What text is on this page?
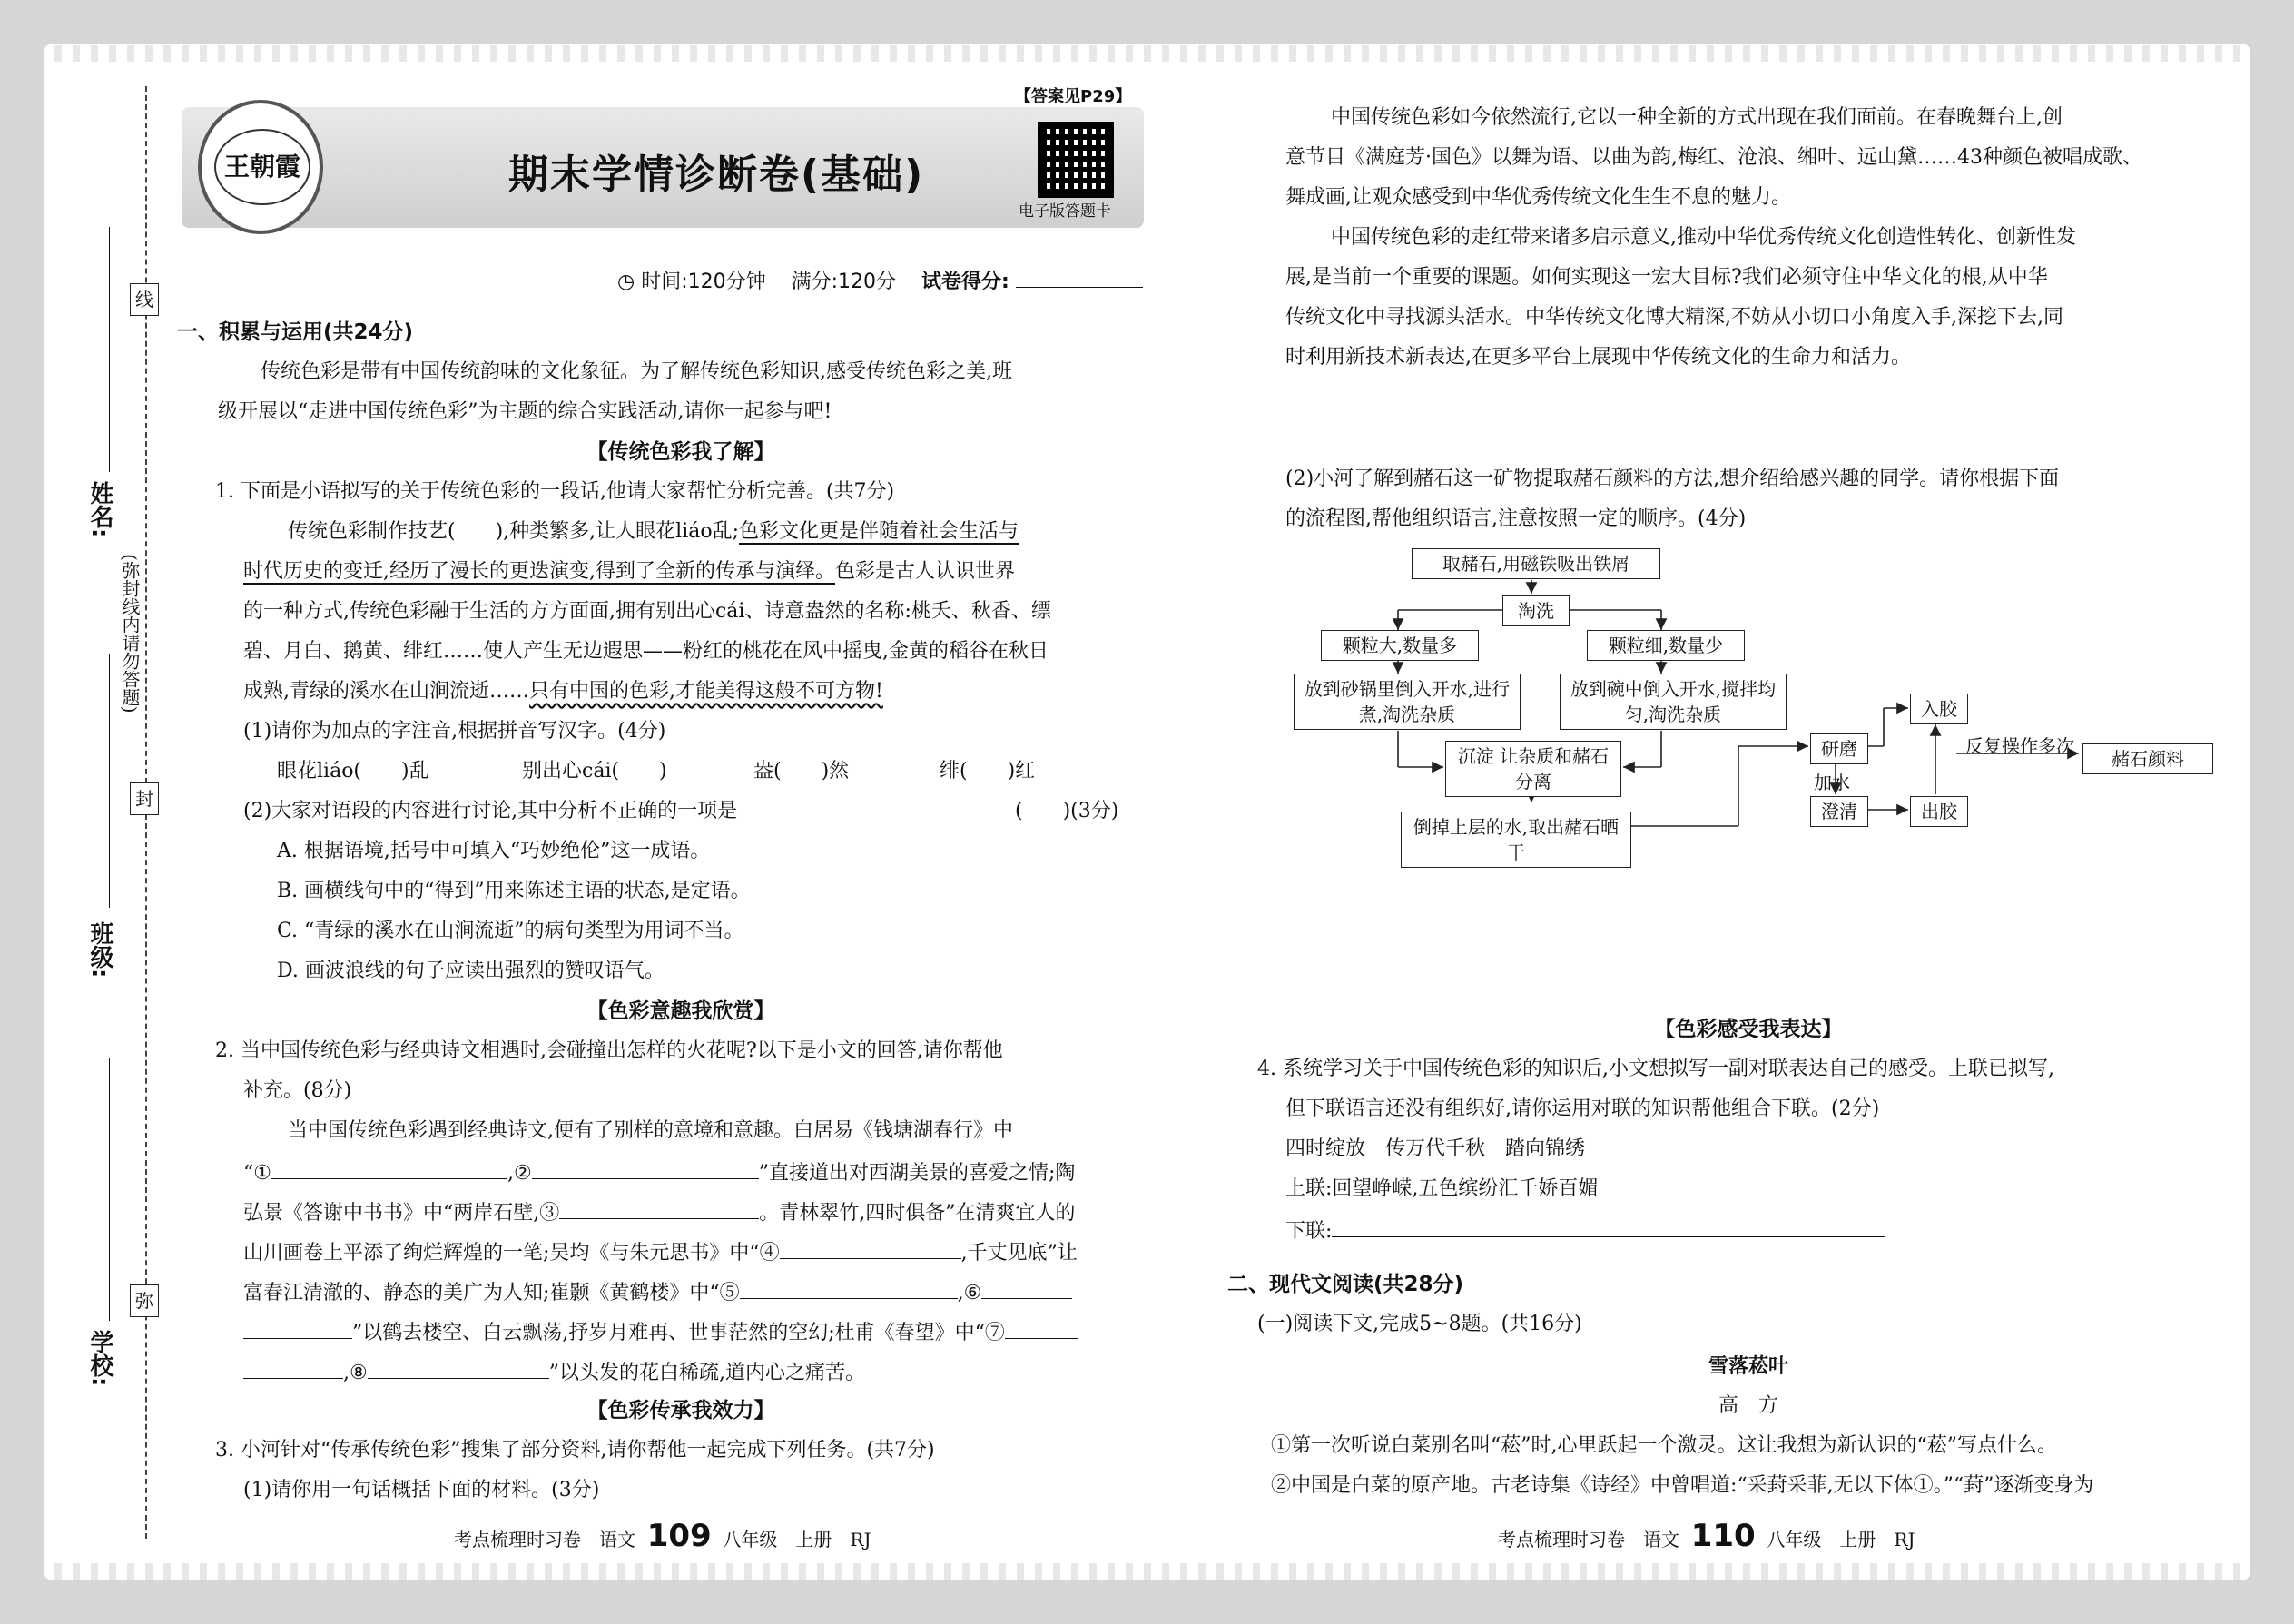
姓名:
班级:
学校:
线
封
弥
(弥封线内请勿答题)
王朝霞
【答案见P29】
期末学情诊断卷(基础)
电子版答题卡
◷ 时间:120分钟 满分:120分 试卷得分:
一、积累与运用(共24分)
传统色彩是带有中国传统韵味的文化象征。为了解传统色彩知识,感受传统色彩之美,班
级开展以“走进中国传统色彩”为主题的综合实践活动,请你一起参与吧!
【传统色彩我了解】
1. 下面是小语拟写的关于传统色彩的一段话,他请大家帮忙分析完善。(共7分)
传统色彩制作技艺(　　),种类繁多,让人眼花liáo乱;色彩文化更是伴随着社会生活与
时代历史的变迁,经历了漫长的更迭演变,得到了全新的传承与演绎。色彩是古人认识世界
的一种方式,传统色彩融于生活的方方面面,拥有别出心cái、诗意盎然的名称:桃夭、秋香、缥
碧、月白、鹅黄、绯红……使人产生无边遐思——粉红的桃花在风中摇曳,金黄的稻谷在秋日
成熟,青绿的溪水在山涧流逝……只有中国的色彩,才能美得这般不可方物!
(1)请你为加点的字注音,根据拼音写汉字。(4分)
眼花liáo(　　)乱	别出心cái(　　)	盎(　　)然	绯(　　)红
(2)大家对语段的内容进行讨论,其中分析不正确的一项是	(　　)(3分)
A. 根据语境,括号中可填入“巧妙绝伦”这一成语。
B. 画横线句中的“得到”用来陈述主语的状态,是定语。
C. “青绿的溪水在山涧流逝”的病句类型为用词不当。
D. 画波浪线的句子应读出强烈的赞叹语气。
【色彩意趣我欣赏】
2. 当中国传统色彩与经典诗文相遇时,会碰撞出怎样的火花呢?以下是小文的回答,请你帮他
补充。(8分)
当中国传统色彩遇到经典诗文,便有了别样的意境和意趣。白居易《钱塘湖春行》中
“①	,②	”直接道出对西湖美景的喜爱之情;陶
弘景《答谢中书书》中“两岸石壁,③	。青林翠竹,四时俱备”在清爽宜人的
山川画卷上平添了绚烂辉煌的一笔;吴均《与朱元思书》中“④	,千丈见底”让
富春江清澈的、静态的美广为人知;崔颢《黄鹤楼》中“⑤	,⑥
”以鹤去楼空、白云飘荡,抒岁月难再、世事茫然的空幻;杜甫《春望》中“⑦
,⑧	”以头发的花白稀疏,道内心之痛苦。
【色彩传承我效力】
3. 小河针对“传承传统色彩”搜集了部分资料,请你帮他一起完成下列任务。(共7分)
(1)请你用一句话概括下面的材料。(3分)
考点梳理时习卷　语文 109 八年级　上册　RJ
中国传统色彩如今依然流行,它以一种全新的方式出现在我们面前。在春晚舞台上,创
意节目《满庭芳·国色》以舞为语、以曲为韵,梅红、沧浪、缃叶、远山黛……43种颜色被唱成歌、
舞成画,让观众感受到中华优秀传统文化生生不息的魅力。
中国传统色彩的走红带来诸多启示意义,推动中华优秀传统文化创造性转化、创新性发
展,是当前一个重要的课题。如何实现这一宏大目标?我们必须守住中华文化的根,从中华
传统文化中寻找源头活水。中华传统文化博大精深,不妨从小切口小角度入手,深挖下去,同
时利用新技术新表达,在更多平台上展现中华传统文化的生命力和活力。
(2)小河了解到赭石这一矿物提取赭石颜料的方法,想介绍给感兴趣的同学。请你根据下面
的流程图,帮他组织语言,注意按照一定的顺序。(4分)
取赭石,用磁铁吸出铁屑
淘洗
颗粒大,数量多	颗粒细,数量少
放到砂锅里倒入开水,进行煮,淘洗杂质
放到碗中倒入开水,搅拌均匀,淘洗杂质
沉淀 让杂质和赭石分离
倒掉上层的水,取出赭石晒干
研磨
加水
澄清
入胶
出胶
反复操作多次
赭石颜料
【色彩感受我表达】
4. 系统学习关于中国传统色彩的知识后,小文想拟写一副对联表达自己的感受。上联已拟写,
但下联语言还没有组织好,请你运用对联的知识帮他组合下联。(2分)
四时绽放　传万代千秋　踏向锦绣
上联:回望峥嵘,五色缤纷汇千娇百媚
下联:
二、现代文阅读(共28分)
(一)阅读下文,完成5~8题。(共16分)
雪落菘叶
高　方
①第一次听说白菜别名叫“菘”时,心里跃起一个激灵。这让我想为新认识的“菘”写点什么。
②中国是白菜的原产地。古老诗集《诗经》中曾唱道:“采葑采菲,无以下体①。”“葑”逐渐变身为
考点梳理时习卷　语文 110 八年级　上册　RJ
